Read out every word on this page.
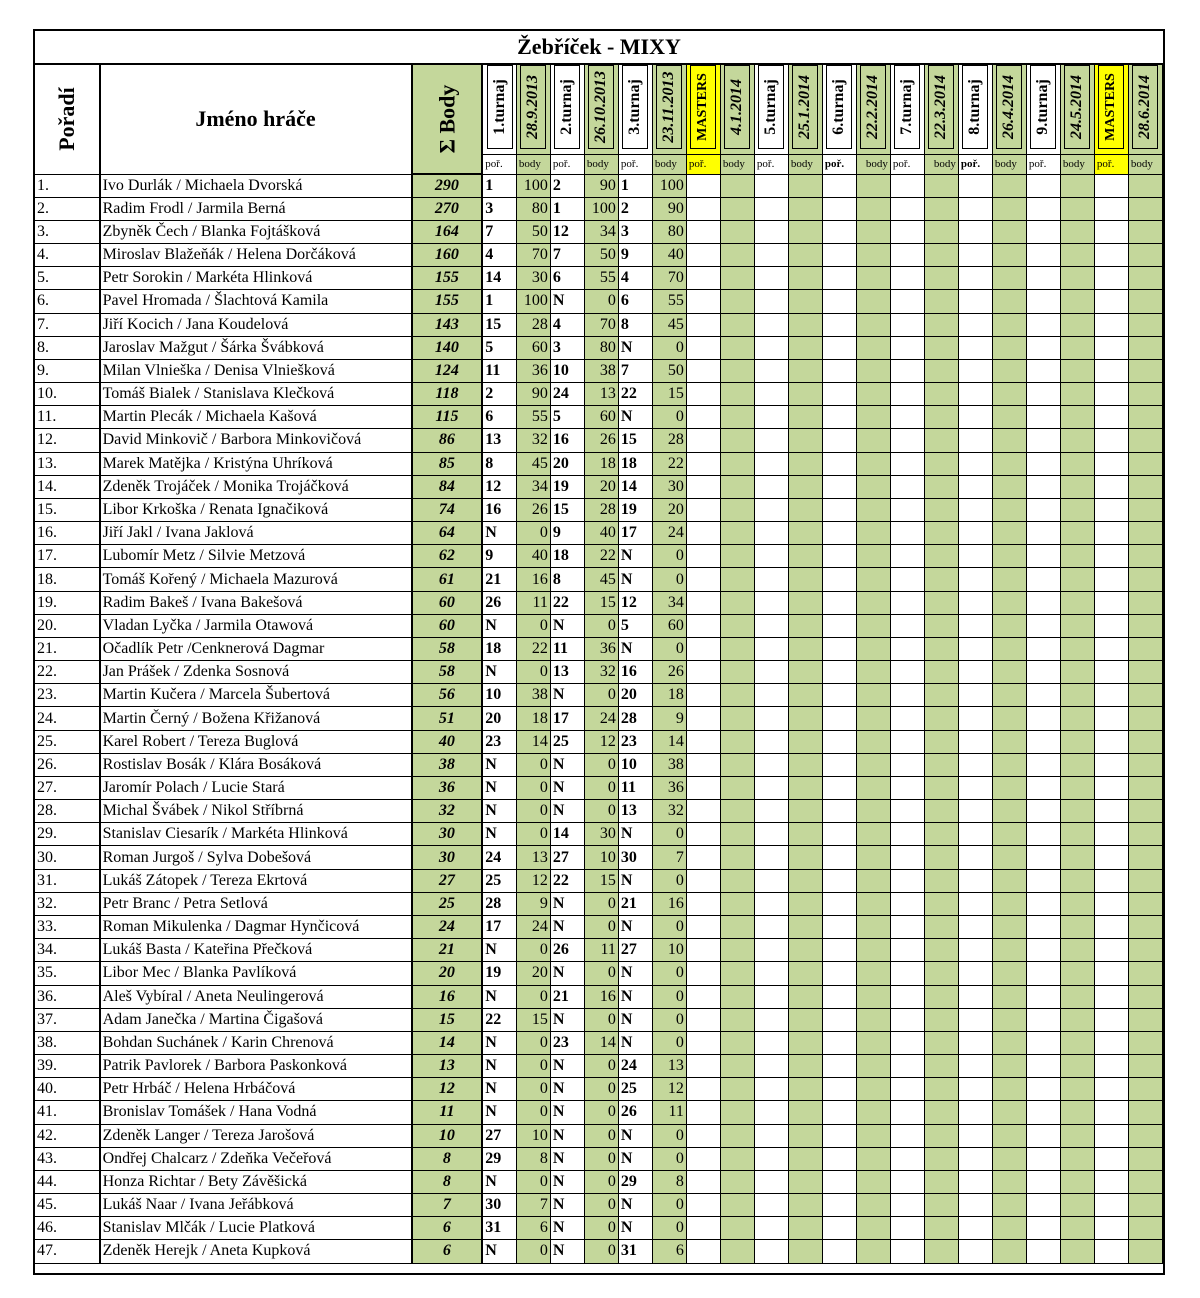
Žebříček - MIXY
Pořadí	Jméno hráče	Σ Body	1.turnaj	28.9.2013	2.turnaj	26.10.2013	3.turnaj	23.11.2013	MASTERS	4.1.2014	5.turnaj	25.1.2014	6.turnaj	22.2.2014	7.turnaj	22.3.2014	8.turnaj	26.4.2014	9.turnaj	24.5.2014	MASTERS	28.6.2014

			poř.	body	poř.	body	poř.	body	poř.	body	poř.	body	poř.	body	poř.	body	poř.	body	poř.	body	poř.	body
1.	Ivo Durlák / Michaela Dvorská	290	1	100	2	90	1	100														
2.	Radim Frodl / Jarmila Berná	270	3	80	1	100	2	90														
3.	Zbyněk Čech / Blanka Fojtášková	164	7	50	12	34	3	80														
4.	Miroslav Blažeňák / Helena Dorčáková	160	4	70	7	50	9	40														
5.	Petr Sorokin / Markéta Hlinková	155	14	30	6	55	4	70														
6.	Pavel Hromada / Šlachtová Kamila	155	1	100	N	0	6	55														
7.	Jiří Kocich / Jana Koudelová	143	15	28	4	70	8	45														
8.	Jaroslav Mažgut / Šárka Švábková	140	5	60	3	80	N	0														
9.	Milan Vlnieška / Denisa Vlniešková	124	11	36	10	38	7	50														
10.	Tomáš Bialek / Stanislava Klečková	118	2	90	24	13	22	15														
11.	Martin Plecák / Michaela Kašová	115	6	55	5	60	N	0														
12.	David Minkovič / Barbora Minkovičová	86	13	32	16	26	15	28														
13.	Marek Matějka / Kristýna Uhríková	85	8	45	20	18	18	22														
14.	Zdeněk Trojáček / Monika Trojáčková	84	12	34	19	20	14	30														
15.	Libor Krkoška / Renata Ignačiková	74	16	26	15	28	19	20														
16.	Jiří Jakl / Ivana Jaklová	64	N	0	9	40	17	24														
17.	Lubomír Metz / Silvie Metzová	62	9	40	18	22	N	0														
18.	Tomáš Kořený / Michaela Mazurová	61	21	16	8	45	N	0														
19.	Radim Bakeš / Ivana Bakešová	60	26	11	22	15	12	34														
20.	Vladan Lyčka / Jarmila Otawová	60	N	0	N	0	5	60														
21.	Očadlík Petr /Cenknerová Dagmar	58	18	22	11	36	N	0														
22.	Jan Prášek / Zdenka Sosnová	58	N	0	13	32	16	26														
23.	Martin Kučera / Marcela Šubertová	56	10	38	N	0	20	18														
24.	Martin Černý / Božena Křižanová	51	20	18	17	24	28	9														
25.	Karel Robert / Tereza Buglová	40	23	14	25	12	23	14														
26.	Rostislav Bosák / Klára Bosáková	38	N	0	N	0	10	38														
27.	Jaromír Polach / Lucie Stará	36	N	0	N	0	11	36														
28.	Michal Švábek / Nikol Stříbrná	32	N	0	N	0	13	32														
29.	Stanislav Ciesarík / Markéta Hlinková	30	N	0	14	30	N	0														
30.	Roman Jurgoš / Sylva Dobešová	30	24	13	27	10	30	7														
31.	Lukáš Zátopek / Tereza Ekrtová	27	25	12	22	15	N	0														
32.	Petr Branc / Petra Setlová	25	28	9	N	0	21	16														
33.	Roman Mikulenka / Dagmar Hynčicová	24	17	24	N	0	N	0														
34.	Lukáš Basta / Kateřina Přečková	21	N	0	26	11	27	10														
35.	Libor Mec / Blanka Pavlíková	20	19	20	N	0	N	0														
36.	Aleš Vybíral / Aneta Neulingerová	16	N	0	21	16	N	0														
37.	Adam Janečka / Martina Čigašová	15	22	15	N	0	N	0														
38.	Bohdan Suchánek / Karin Chrenová	14	N	0	23	14	N	0														
39.	Patrik Pavlorek / Barbora Paskonková	13	N	0	N	0	24	13														
40.	Petr Hrbáč / Helena Hrbáčová	12	N	0	N	0	25	12														
41.	Bronislav Tomášek / Hana Vodná	11	N	0	N	0	26	11														
42.	Zdeněk Langer / Tereza Jarošová	10	27	10	N	0	N	0														
43.	Ondřej Chalcarz / Zdeňka Večeřová	8	29	8	N	0	N	0														
44.	Honza Richtar / Bety Závěšická	8	N	0	N	0	29	8														
45.	Lukáš Naar / Ivana Jeřábková	7	30	7	N	0	N	0														
46.	Stanislav Mlčák / Lucie Platková	6	31	6	N	0	N	0														
47.	Zdeněk Herejk / Aneta Kupková	6	N	0	N	0	31	6														
